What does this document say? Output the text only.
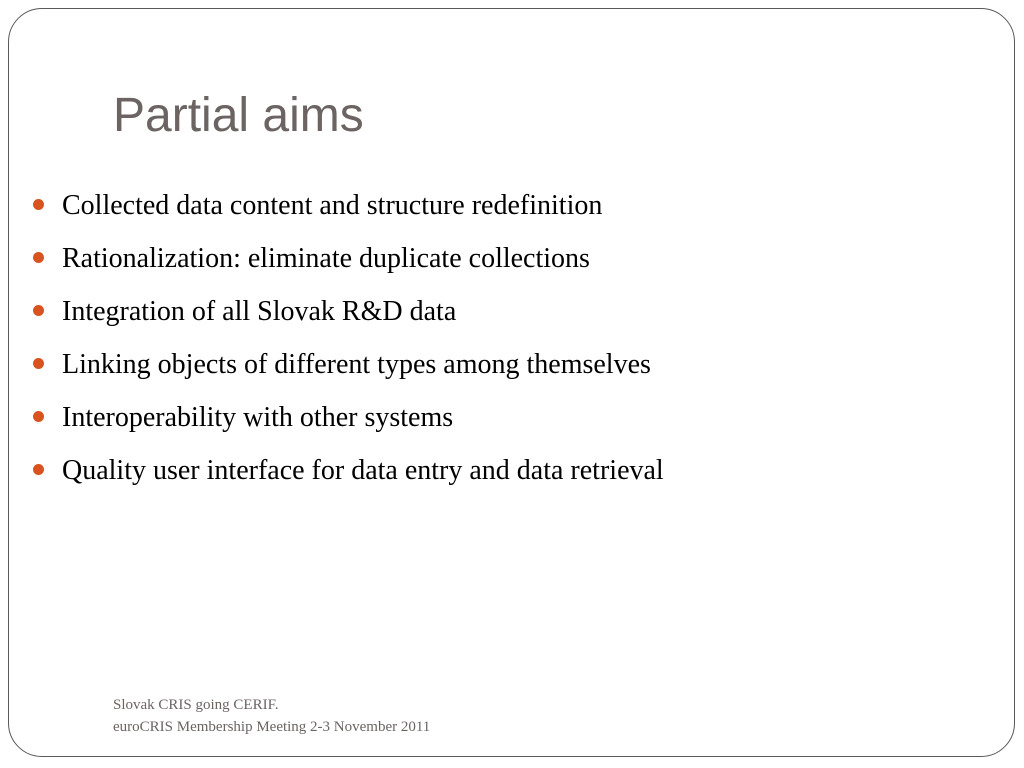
Partial aims
Collected data content and structure redefinition
Rationalization: eliminate duplicate collections
Integration of all Slovak R&D data
Linking objects of different types among themselves
Interoperability with other systems
Quality user interface for data entry and data retrieval
Slovak CRIS going CERIF.
euroCRIS Membership Meeting 2-3 November 2011
